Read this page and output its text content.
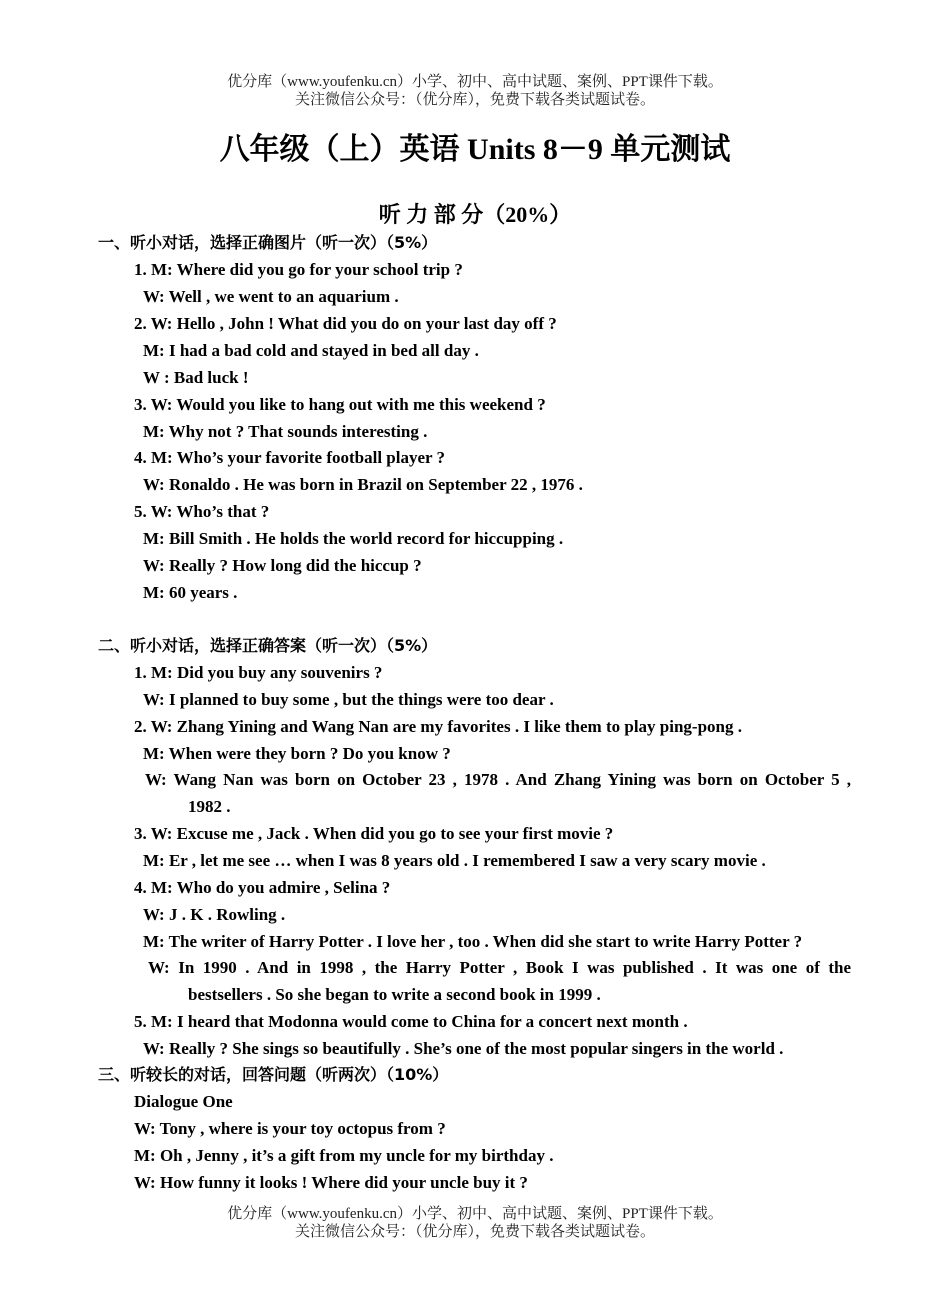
优分库（www.youfenku.cn）小学、初中、高中试题、案例、PPT课件下载。
关注微信公众号：（优分库），免费下载各类试题试卷。
八年级（上）英语 Units 8－9 单元测试
听 力 部 分（20%）
一、听小对话，选择正确图片（听一次）（5%）
1. M: Where did you go for your school trip ?
W: Well , we went to an aquarium .
2. W: Hello , John ! What did you do on your last day off ?
M: I had a bad cold and stayed in bed all day .
W : Bad luck !
3. W: Would you like to hang out with me this weekend ?
M: Why not ? That sounds interesting .
4. M: Who’s your favorite football player ?
W: Ronaldo . He was born in Brazil on September 22 , 1976 .
5. W: Who’s that ?
M: Bill Smith . He holds the world record for hiccupping .
W: Really ? How long did the hiccup ?
M: 60 years .
二、听小对话，选择正确答案（听一次）（5%）
1. M: Did you buy any souvenirs ?
W: I planned to buy some , but the things were too dear .
2. W: Zhang Yining and Wang Nan are my favorites . I like them to play ping-pong .
M: When were they born ? Do you know ?
W: Wang Nan was born on October 23 , 1978 . And Zhang Yining was born on October 5 ,
1982 .
3. W: Excuse me , Jack . When did you go to see your first movie ?
M: Er , let me see … when I was 8 years old . I remembered I saw a very scary movie .
4. M: Who do you admire , Selina ?
W: J . K . Rowling .
M: The writer of Harry Potter . I love her , too . When did she start to write Harry Potter ?
W: In 1990 . And in 1998 , the Harry Potter , Book I was published . It was one of the
bestsellers . So she began to write a second book in 1999 .
5. M: I heard that Modonna would come to China for a concert next month .
W: Really ? She sings so beautifully . She’s one of the most popular singers in the world .
三、听较长的对话，回答问题（听两次）（10%）
Dialogue One
W: Tony , where is your toy octopus from ?
M: Oh , Jenny , it’s a gift from my uncle for my birthday .
W: How funny it looks ! Where did your uncle buy it ?
优分库（www.youfenku.cn）小学、初中、高中试题、案例、PPT课件下载。
关注微信公众号：（优分库），免费下载各类试题试卷。
